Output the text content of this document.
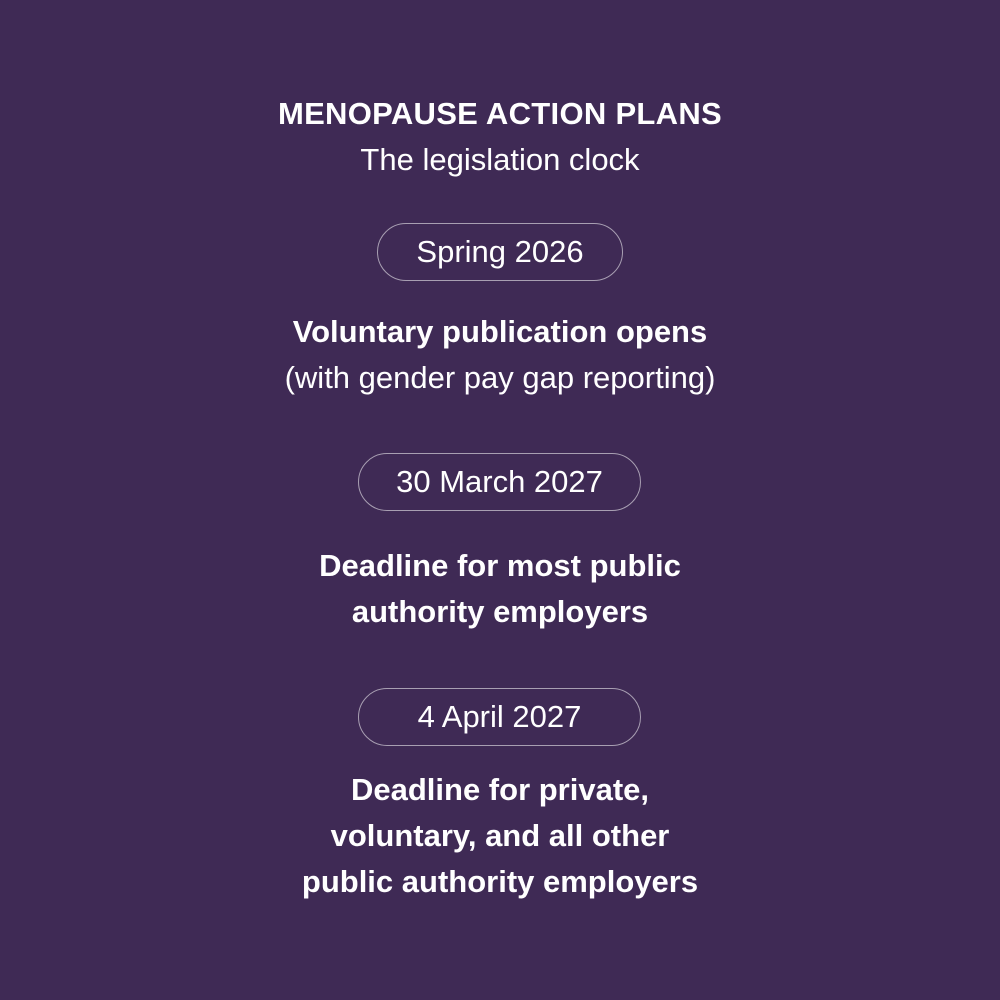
MENOPAUSE ACTION PLANS
The legislation clock
Spring 2026
Voluntary publication opens
(with gender pay gap reporting)
30 March 2027
Deadline for most public
authority employers
4 April 2027
Deadline for private,
voluntary, and all other
public authority employers
